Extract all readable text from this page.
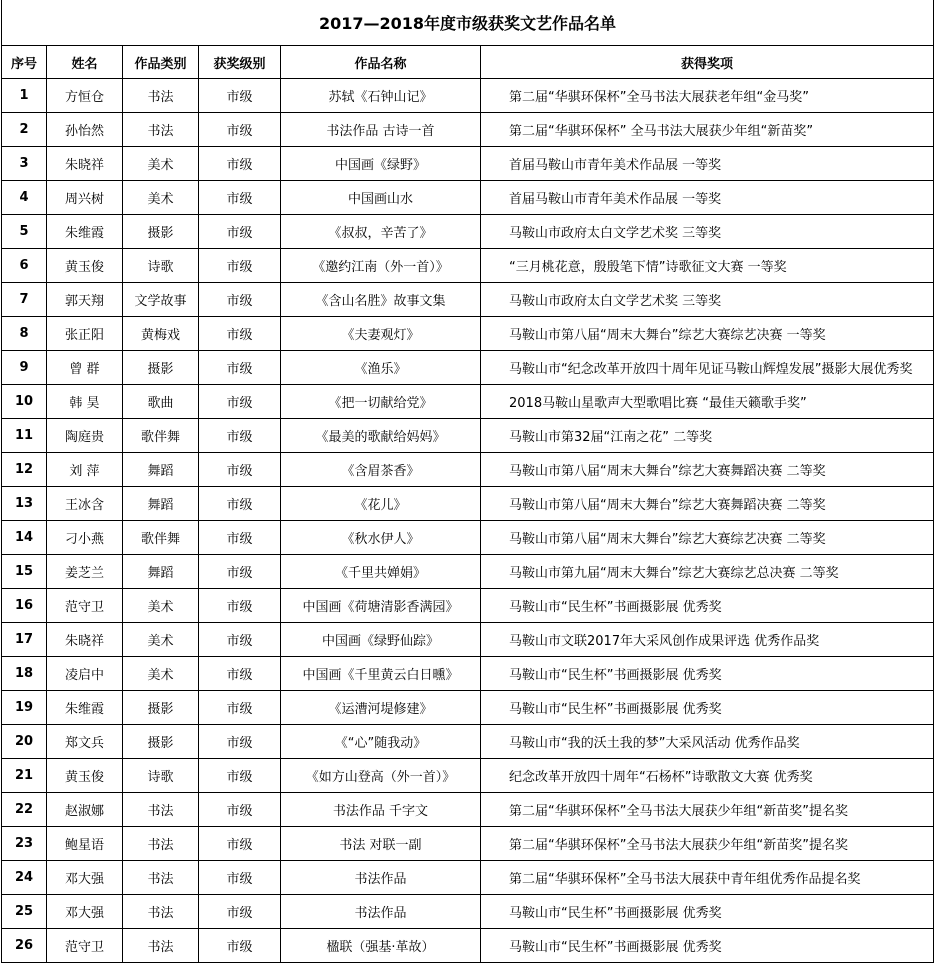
2017—2018年度市级获奖文艺作品名单					
序号	姓名	作品类别	获奖级别	作品名称	获得奖项
1	方恒仓	书法	市级	苏轼《石钟山记》	第二届“华骐环保杯”全马书法大展获老年组“金马奖”
2	孙怡然	书法	市级	书法作品 古诗一首	第二届“华骐环保杯” 全马书法大展获少年组“新苗奖”
3	朱晓祥	美术	市级	中国画《绿野》	首届马鞍山市青年美术作品展 一等奖
4	周兴树	美术	市级	中国画山水	首届马鞍山市青年美术作品展 一等奖
5	朱维霞	摄影	市级	《叔叔，辛苦了》	马鞍山市政府太白文学艺术奖 三等奖
6	黄玉俊	诗歌	市级	《邀约江南（外一首）》	“三月桃花意，殷殷笔下情”诗歌征文大赛 一等奖
7	郭天翔	文学故事	市级	《含山名胜》故事文集	马鞍山市政府太白文学艺术奖 三等奖
8	张正阳	黄梅戏	市级	《夫妻观灯》	马鞍山市第八届“周末大舞台”综艺大赛综艺决赛 一等奖
9	曾 群	摄影	市级	《渔乐》	马鞍山市“纪念改革开放四十周年见证马鞍山辉煌发展”摄影大展优秀奖
10	韩 昊	歌曲	市级	《把一切献给党》	2018马鞍山星歌声大型歌唱比赛 “最佳天籁歌手奖”
11	陶庭贵	歌伴舞	市级	《最美的歌献给妈妈》	马鞍山市第32届“江南之花” 二等奖
12	刘 萍	舞蹈	市级	《含眉茶香》	马鞍山市第八届“周末大舞台”综艺大赛舞蹈决赛 二等奖
13	王冰含	舞蹈	市级	《花儿》	马鞍山市第八届“周末大舞台”综艺大赛舞蹈决赛 二等奖
14	刁小燕	歌伴舞	市级	《秋水伊人》	马鞍山市第八届“周末大舞台”综艺大赛综艺决赛 二等奖
15	姜芝兰	舞蹈	市级	《千里共婵娟》	马鞍山市第九届“周末大舞台”综艺大赛综艺总决赛 二等奖
16	范守卫	美术	市级	中国画《荷塘清影香满园》	马鞍山市“民生杯”书画摄影展 优秀奖
17	朱晓祥	美术	市级	中国画《绿野仙踪》	马鞍山市文联2017年大采风创作成果评选 优秀作品奖
18	凌启中	美术	市级	中国画《千里黄云白日曛》	马鞍山市“民生杯”书画摄影展 优秀奖
19	朱维霞	摄影	市级	《运漕河堤修建》	马鞍山市“民生杯”书画摄影展 优秀奖
20	郑文兵	摄影	市级	《“心”随我动》	马鞍山市“我的沃土我的梦”大采风活动 优秀作品奖
21	黄玉俊	诗歌	市级	《如方山登高（外一首）》	纪念改革开放四十周年“石杨杯”诗歌散文大赛 优秀奖
22	赵淑娜	书法	市级	书法作品 千字文	第二届“华骐环保杯”全马书法大展获少年组“新苗奖”提名奖
23	鲍星语	书法	市级	书法 对联一副	第二届“华骐环保杯”全马书法大展获少年组“新苗奖”提名奖
24	邓大强	书法	市级	书法作品	第二届“华骐环保杯”全马书法大展获中青年组优秀作品提名奖
25	邓大强	书法	市级	书法作品	马鞍山市“民生杯”书画摄影展 优秀奖
26	范守卫	书法	市级	楹联（强基·革故）	马鞍山市“民生杯”书画摄影展 优秀奖
